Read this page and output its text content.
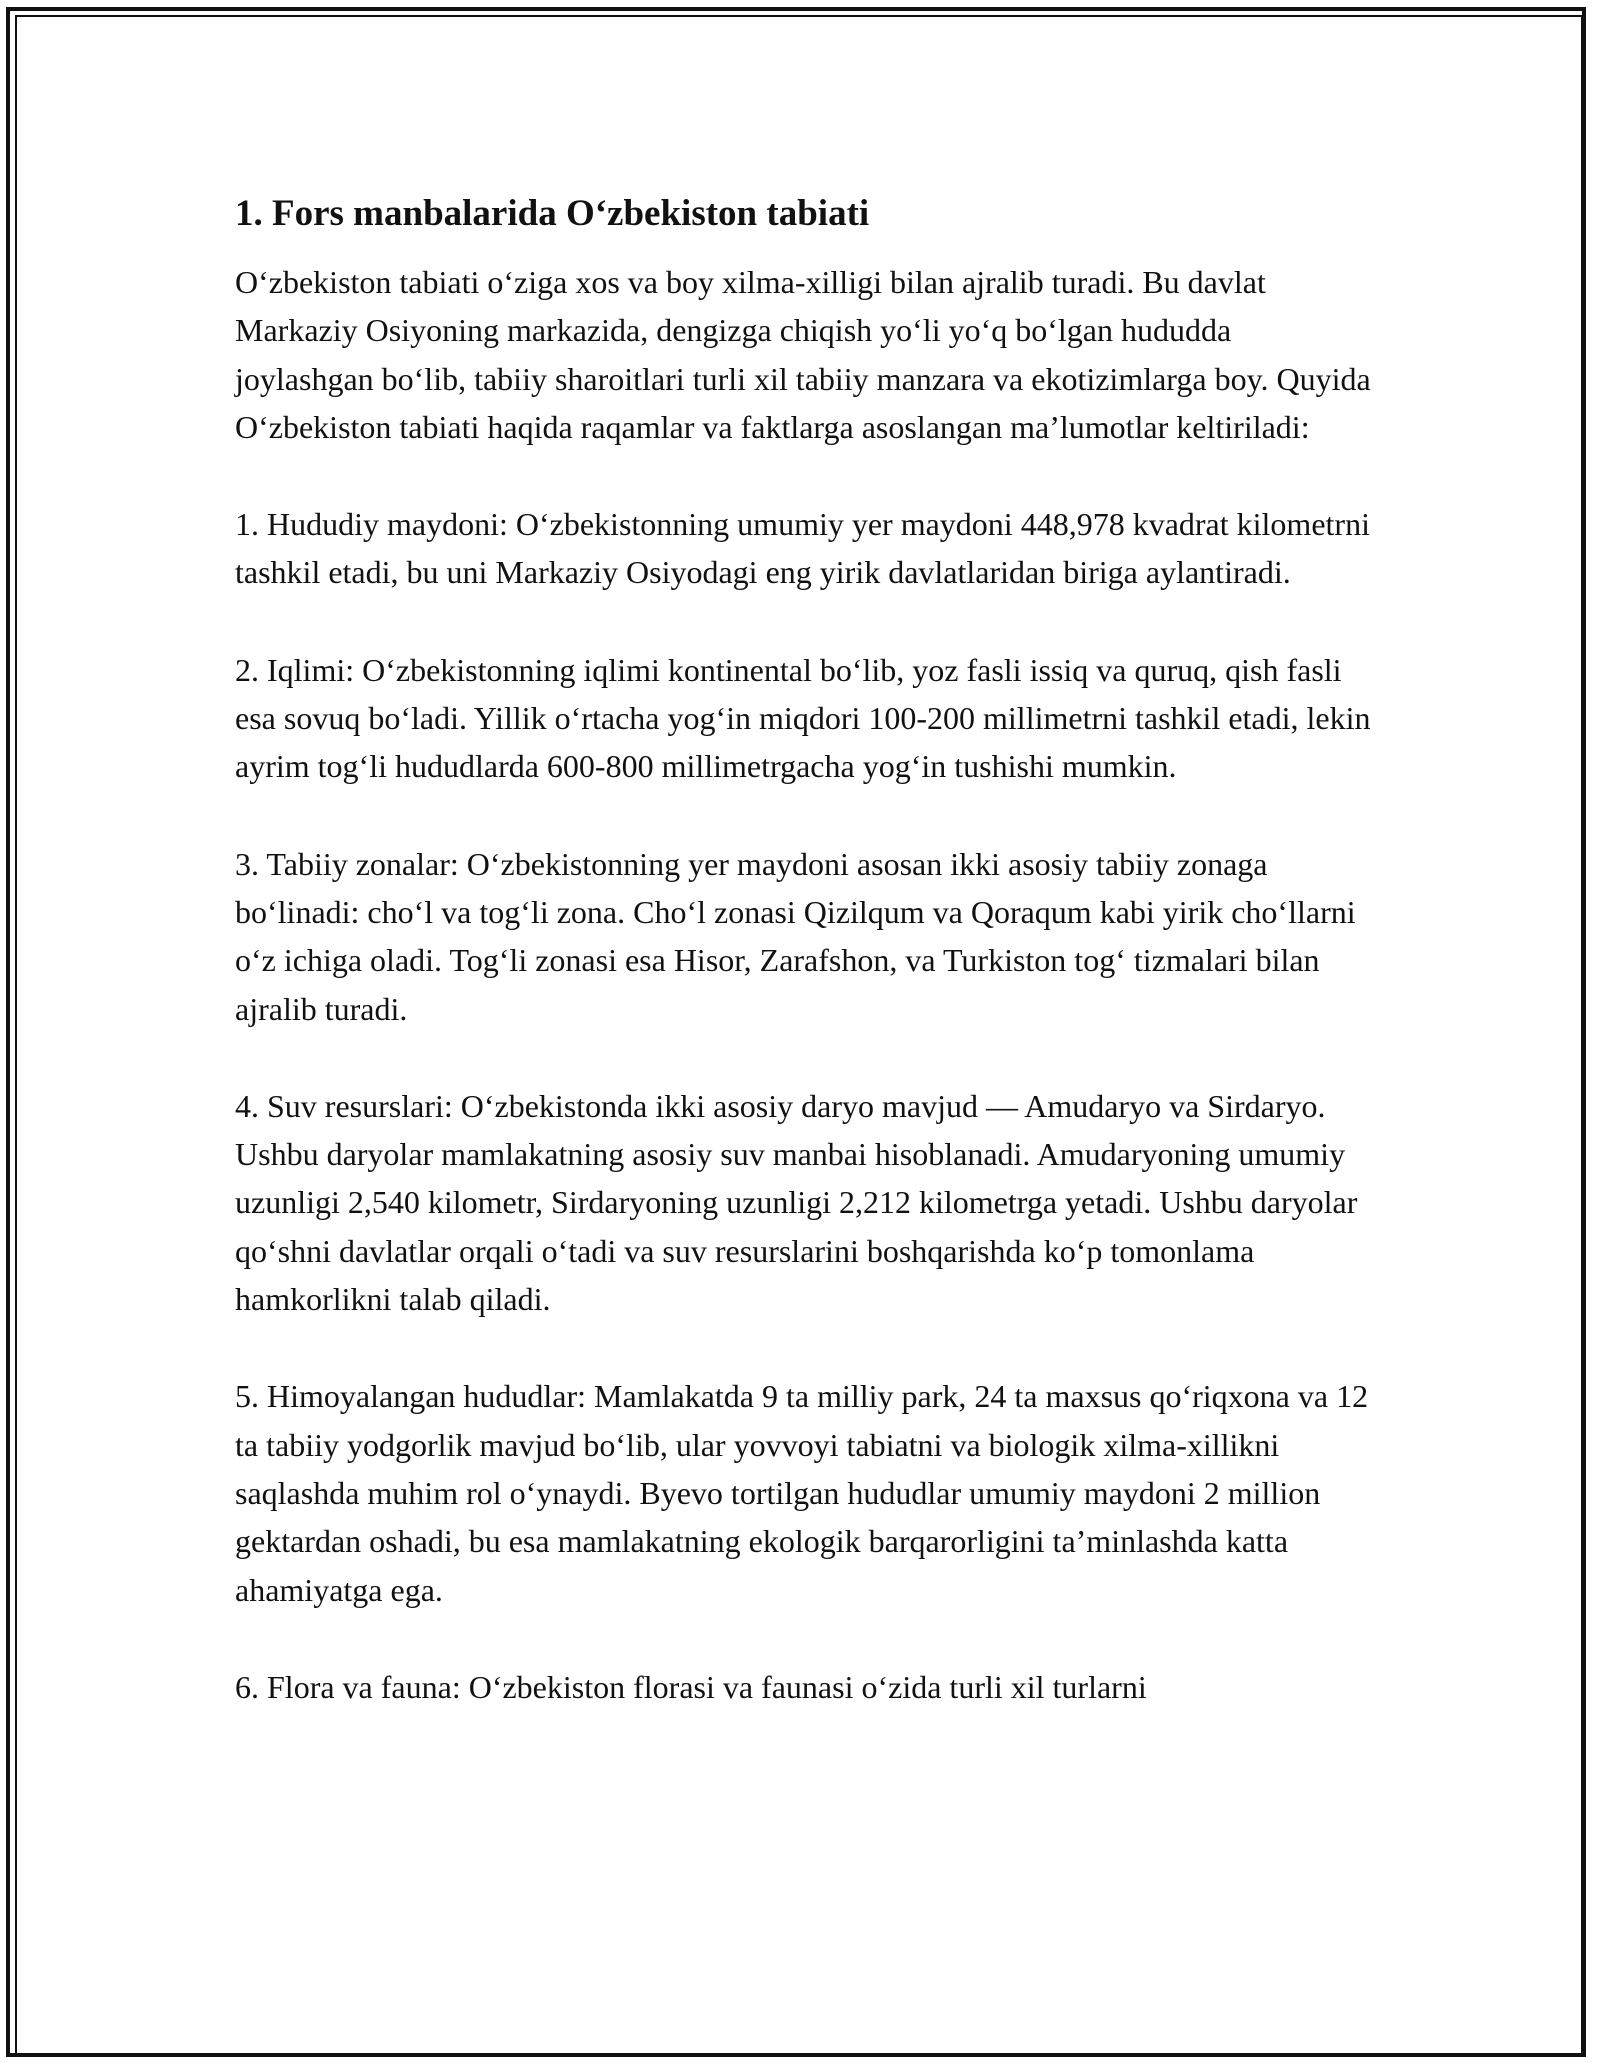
1. Fors manbalarida O‘zbekiston tabiati

O‘zbekiston tabiati o‘ziga xos va boy xilma-xilligi bilan ajralib turadi. Bu davlat Markaziy Osiyoning markazida, dengizga chiqish yo‘li yo‘q bo‘lgan hududda joylashgan bo‘lib, tabiiy sharoitlari turli xil tabiiy manzara va ekotizimlarga boy. Quyida O‘zbekiston tabiati haqida raqamlar va faktlarga asoslangan ma’lumotlar keltiriladi:

1. Hududiy maydoni: O‘zbekistonning umumiy yer maydoni 448,978 kvadrat kilometrni tashkil etadi, bu uni Markaziy Osiyodagi eng yirik davlatlaridan biriga aylantiradi.

2. Iqlimi: O‘zbekistonning iqlimi kontinental bo‘lib, yoz fasli issiq va quruq, qish fasli esa sovuq bo‘ladi. Yillik o‘rtacha yog‘in miqdori 100-200 millimetrni tashkil etadi, lekin ayrim tog‘li hududlarda 600-800 millimetrgacha yog‘in tushishi mumkin.

3. Tabiiy zonalar: O‘zbekistonning yer maydoni asosan ikki asosiy tabiiy zonaga bo‘linadi: cho‘l va tog‘li zona. Cho‘l zonasi Qizilqum va Qoraqum kabi yirik cho‘llarni o‘z ichiga oladi. Tog‘li zonasi esa Hisor, Zarafshon, va Turkiston tog‘ tizmalari bilan ajralib turadi.

4. Suv resurslari: O‘zbekistonda ikki asosiy daryo mavjud — Amudaryo va Sirdaryo. Ushbu daryolar mamlakatning asosiy suv manbai hisoblanadi. Amudaryoning umumiy uzunligi 2,540 kilometr, Sirdaryoning uzunligi 2,212 kilometrga yetadi. Ushbu daryolar qo‘shni davlatlar orqali o‘tadi va suv resurslarini boshqarishda ko‘p tomonlama hamkorlikni talab qiladi.

5. Himoyalangan hududlar: Mamlakatda 9 ta milliy park, 24 ta maxsus qo‘riqxona va 12 ta tabiiy yodgorlik mavjud bo‘lib, ular yovvoyi tabiatni va biologik xilma-xillikni saqlashda muhim rol o‘ynaydi. Byevo tortilgan hududlar umumiy maydoni 2 million gektardan oshadi, bu esa mamlakatning ekologik barqarorligini ta’minlashda katta ahamiyatga ega.

6. Flora va fauna: O‘zbekiston florasi va faunasi o‘zida turli xil turlarni
